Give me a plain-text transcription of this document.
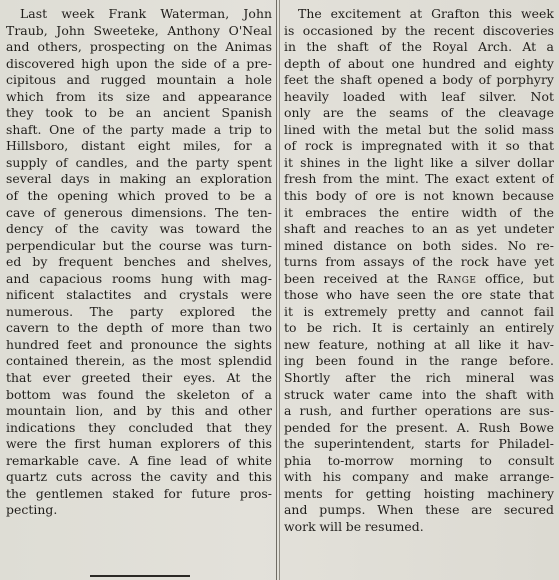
Last week Frank Waterman, John
Traub, John Sweeteke, Anthony O'Neal
and others, prospecting on the Animas
discovered high upon the side of a pre-
cipitous and rugged mountain a hole
which from its size and appearance
they took to be an ancient Spanish
shaft. One of the party made a trip to
Hillsboro, distant eight miles, for a
supply of candles, and the party spent
several days in making an exploration
of the opening which proved to be a
cave of generous dimensions. The ten-
dency of the cavity was toward the
perpendicular but the course was turn-
ed by frequent benches and shelves,
and capacious rooms hung with mag-
nificent stalactites and crystals were
numerous. The party explored the
cavern to the depth of more than two
hundred feet and pronounce the sights
contained therein, as the most splendid
that ever greeted their eyes. At the
bottom was found the skeleton of a
mountain lion, and by this and other
indications they concluded that they
were the first human explorers of this
remarkable cave. A fine lead of white
quartz cuts across the cavity and this
the gentlemen staked for future pros-
pecting.
The excitement at Grafton this week
is occasioned by the recent discoveries
in the shaft of the Royal Arch. At a
depth of about one hundred and eighty
feet the shaft opened a body of porphyry
heavily loaded with leaf silver. Not
only are the seams of the cleavage
lined with the metal but the solid mass
of rock is impregnated with it so that
it shines in the light like a silver dollar
fresh from the mint. The exact extent of
this body of ore is not known because
it embraces the entire width of the
shaft and reaches to an as yet undeter
mined distance on both sides. No re-
turns from assays of the rock have yet
been received at the Range office, but
those who have seen the ore state that
it is extremely pretty and cannot fail
to be rich. It is certainly an entirely
new feature, nothing at all like it hav-
ing been found in the range before.
Shortly after the rich mineral was
struck water came into the shaft with
a rush, and further operations are sus-
pended for the present. A. Rush Bowe
the superintendent, starts for Philadel-
phia to-morrow morning to consult
with his company and make arrange-
ments for getting hoisting machinery
and pumps. When these are secured
work will be resumed.
